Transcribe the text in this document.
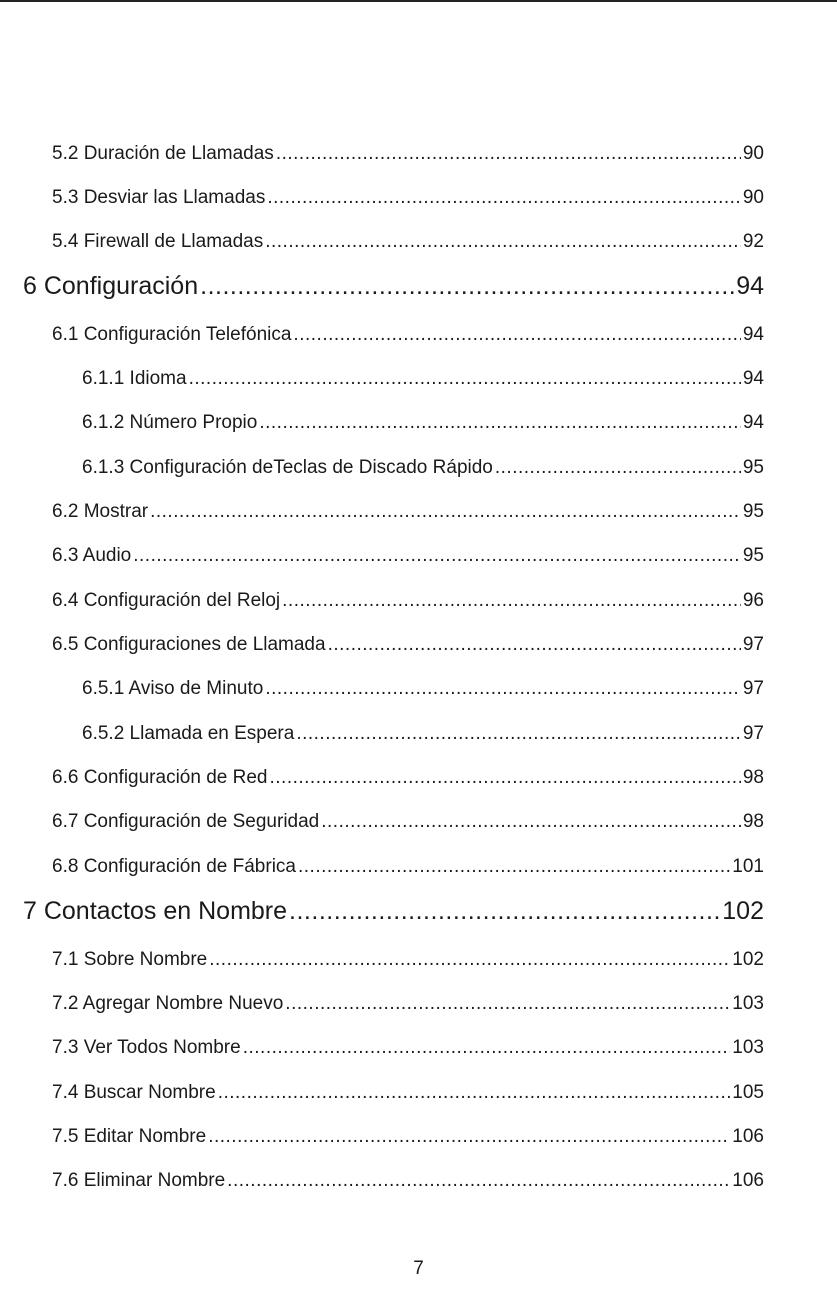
5.2 Duración de Llamadas .....	90
5.3 Desviar las Llamadas .....	90
5.4 Firewall de Llamadas .....	92
6 Configuración .....	94
6.1 Configuración Telefónica .....	94
6.1.1 Idioma .....	94
6.1.2 Número Propio .....	94
6.1.3 Configuración deTeclas de Discado Rápido .....	95
6.2 Mostrar .....	95
6.3 Audio .....	95
6.4 Configuración del Reloj .....	96
6.5 Configuraciones de Llamada .....	97
6.5.1 Aviso de Minuto .....	97
6.5.2 Llamada en Espera .....	97
6.6 Configuración de Red .....	98
6.7 Configuración de Seguridad .....	98
6.8 Configuración de Fábrica .....	101
7 Contactos en Nombre .....	102
7.1 Sobre Nombre .....	102
7.2 Agregar Nombre Nuevo .....	103
7.3 Ver Todos Nombre .....	103
7.4 Buscar Nombre .....	105
7.5 Editar Nombre .....	106
7.6 Eliminar Nombre .....	106
7
